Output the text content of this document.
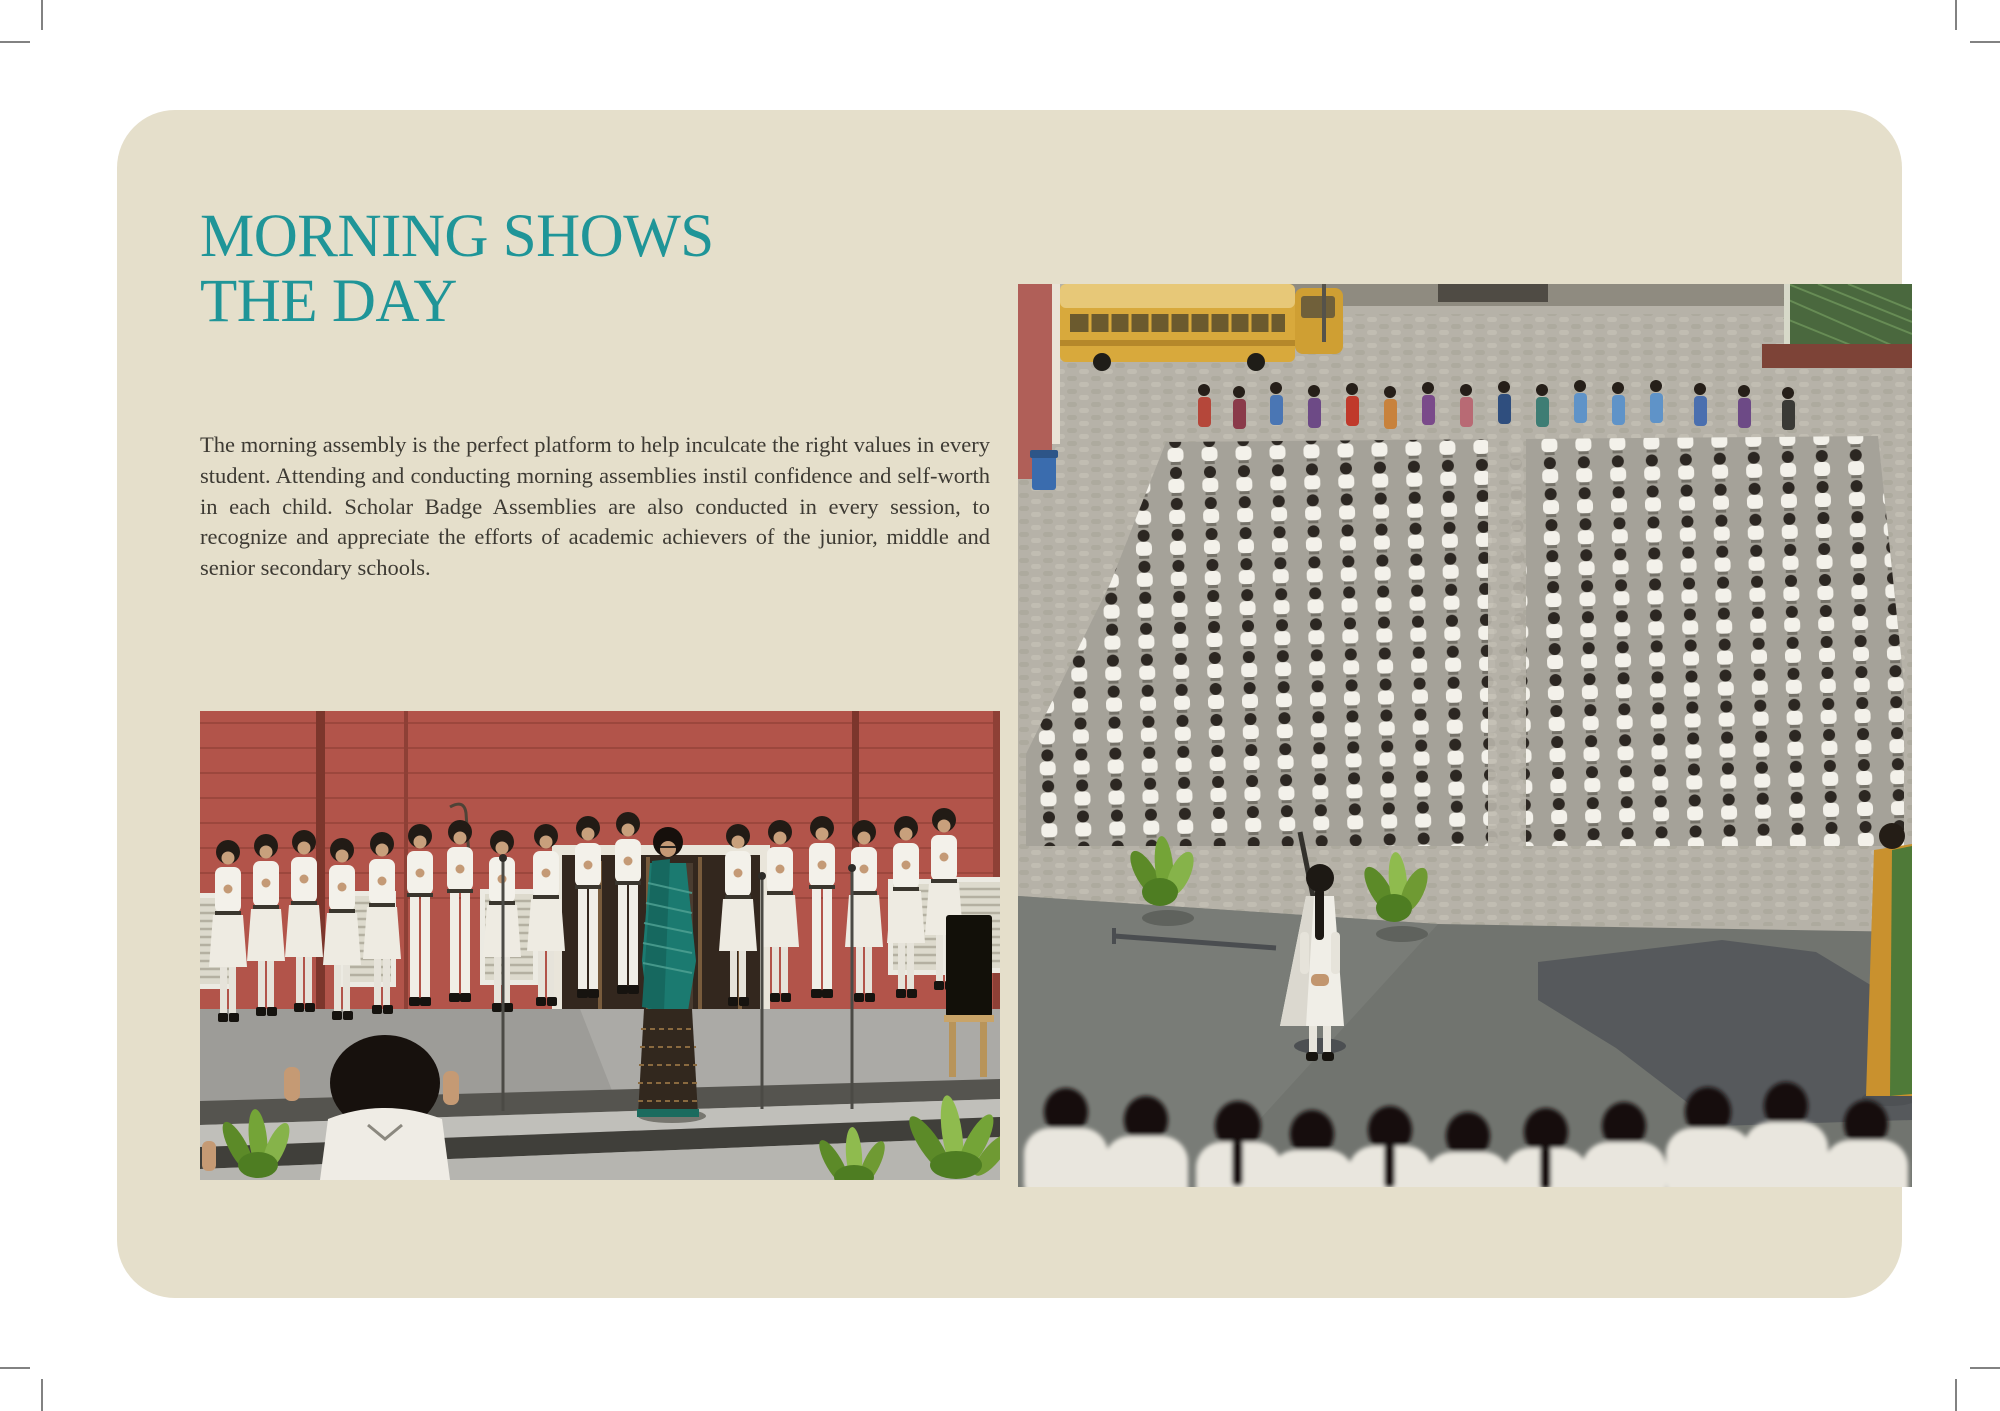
MORNING SHOWS
THE DAY
The morning assembly is the perfect platform to help inculcate the right values in every student. Attending and conducting morning assemblies instil confidence and self-worth in each child. Scholar Badge Assemblies are also conducted in every session, to recognize and appreciate the efforts of academic achievers of the junior, middle and senior secondary schools.
